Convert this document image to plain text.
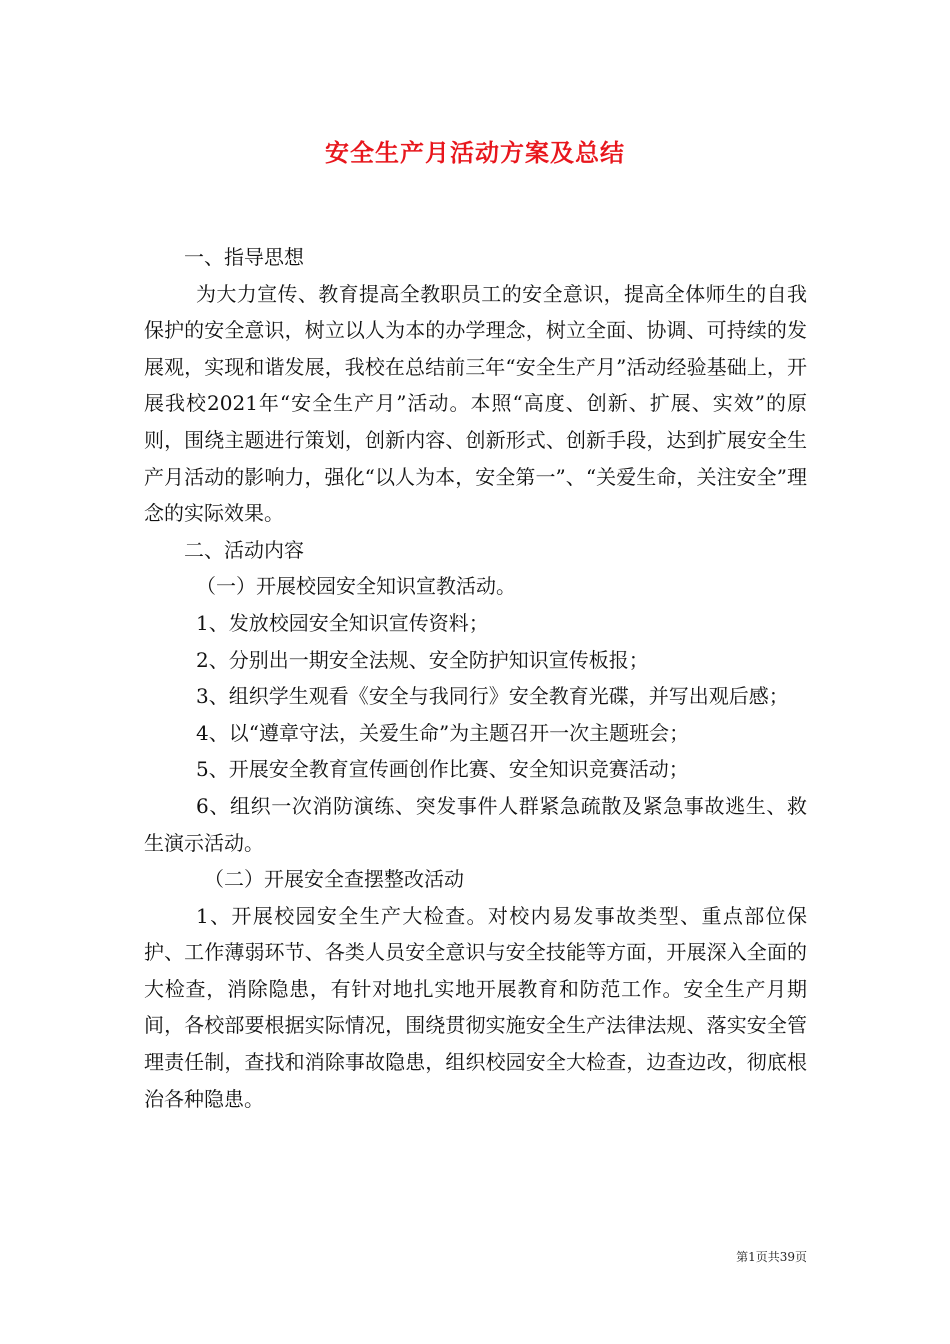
安全生产月活动方案及总结

一、指导思想

为大力宣传、教育提高全教职员工的安全意识，提高全体师生的自我保护的安全意识，树立以人为本的办学理念，树立全面、协调、可持续的发展观，实现和谐发展，我校在总结前三年“安全生产月”活动经验基础上，开展我校2021年“安全生产月”活动。本照“高度、创新、扩展、实效”的原则，围绕主题进行策划，创新内容、创新形式、创新手段，达到扩展安全生产月活动的影响力，强化“以人为本，安全第一”、“关爱生命，关注安全”理念的实际效果。

二、活动内容

（一）开展校园安全知识宣教活动。

1、发放校园安全知识宣传资料；

2、分别出一期安全法规、安全防护知识宣传板报；

3、组织学生观看《安全与我同行》安全教育光碟，并写出观后感；

4、以“遵章守法，关爱生命”为主题召开一次主题班会；

5、开展安全教育宣传画创作比赛、安全知识竞赛活动；

6、组织一次消防演练、突发事件人群紧急疏散及紧急事故逃生、救生演示活动。

（二）开展安全查摆整改活动

1、开展校园安全生产大检查。对校内易发事故类型、重点部位保护、工作薄弱环节、各类人员安全意识与安全技能等方面，开展深入全面的大检查，消除隐患，有针对地扎实地开展教育和防范工作。安全生产月期间，各校部要根据实际情况，围绕贯彻实施安全生产法律法规、落实安全管理责任制，查找和消除事故隐患，组织校园安全大检查，边查边改，彻底根治各种隐患。

第1页共39页
